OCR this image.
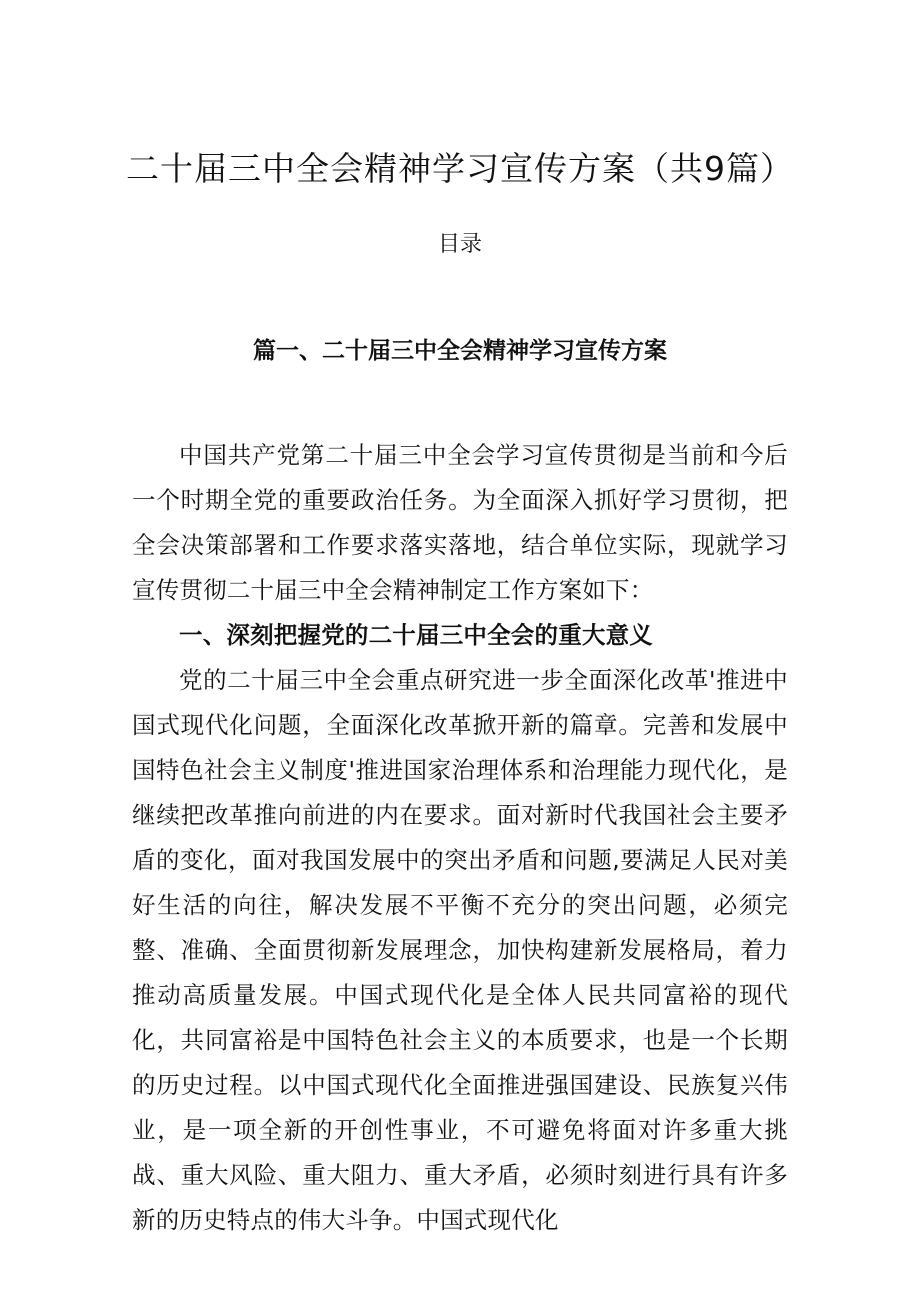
二十届三中全会精神学习宣传方案（共9篇）
目录
篇一、二十届三中全会精神学习宣传方案

中国共产党第二十届三中全会学习宣传贯彻是当前和今后一个时期全党的重要政治任务。为全面深入抓好学习贯彻，把全会决策部署和工作要求落实落地，结合单位实际，现就学习宣传贯彻二十届三中全会精神制定工作方案如下：

一、深刻把握党的二十届三中全会的重大意义

党的二十届三中全会重点研究进一步全面深化改革'推进中国式现代化问题，全面深化改革掀开新的篇章。完善和发展中国特色社会主义制度'推进国家治理体系和治理能力现代化，是继续把改革推向前进的内在要求。面对新时代我国社会主要矛盾的变化，面对我国发展中的突出矛盾和问题,要满足人民对美好生活的向往，解决发展不平衡不充分的突出问题，必须完整、准确、全面贯彻新发展理念，加快构建新发展格局，着力推动高质量发展。中国式现代化是全体人民共同富裕的现代化，共同富裕是中国特色社会主义的本质要求，也是一个长期的历史过程。以中国式现代化全面推进强国建设、民族复兴伟业，是一项全新的开创性事业，不可避免将面对许多重大挑战、重大风险、重大阻力、重大矛盾，必须时刻进行具有许多新的历史特点的伟大斗争。中国式现代化
